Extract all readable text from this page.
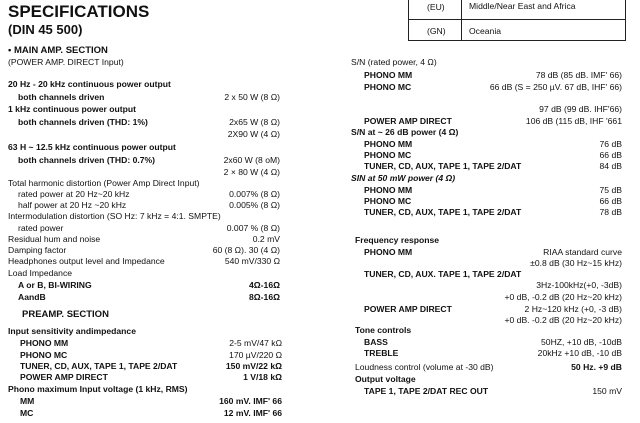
SPECIFICATIONS
(DIN 45 500)
(EU)	Middle/Near East and Africa
(GN)	Oceania
• MAIN AMP. SECTION
(POWER AMP. DIRECT Input)
20 Hz - 20 kHz continuous power output
both channels driven	2 x 50 W (8 Ω)
1 kHz continuous power output
both channels driven (THD: 1%)	2x65 W (8 Ω)
2X90 W (4 Ω)
63 H ~ 12.5 kHz continuous power output
both channels driven (THD: 0.7%)	2x60 W (8 oM)
2 × 80 W (4 Ω)
Total harmonic distortion (Power Amp Direct Input)
rated power at 20 Hz~20 kHz	0.007% (8 Ω)
half power at 20 Hz ~20 kHz	0.005% (8 Ω)
Intermodulation distortion (SO Hz: 7 kHz = 4:1. SMPTE)
rated power	0.007 % (8 Ω)
Residual hum and noise	0.2 mV
Damping factor	60 (8 Ω). 30 (4 Ω)
Headphones output level and Impedance	540 mV/330 Ω
Load Impedance
A or B, BI-WIRING	4Ω-16Ω
AandB	8Ω-16Ω
PREAMP. SECTION
Input sensitivity andimpedance
PHONO MM	2-5 mV/47 kΩ
PHONO MC	170 µV/220 Ω
TUNER, CD, AUX, TAPE 1, TAPE 2/DAT	150 mV/22 kΩ
POWER AMP DIRECT	1 V/18 kΩ
Phono maximum Input voltage (1 kHz, RMS)
MM	160 mV. IMF' 66
MC	12 mV. IMF' 66
S/N (rated power, 4 Ω)
PHONO MM	78 dB (85 dB. IMF' 66)
PHONO MC	66 dB (S = 250 µV. 67 dB, IHF' 66)
97 dB (99 dB. IHF'66)
POWER AMP DIRECT	106 dB (115 dB, IHF '661
S/N at ~ 26 dB power (4 Ω)
PHONO MM	76 dB
PHONO MC	66 dB
TUNER, CD, AUX, TAPE 1, TAPE 2/DAT	84 dB
SIN at 50 mW power (4 Ω)
PHONO MM	75 dB
PHONO MC	66 dB
TUNER, CD, AUX, TAPE 1, TAPE 2/DAT	78 dB
Frequency response
PHONO MM	RIAA standard curve
±0.8 dB (30 Hz~15 kHz)
TUNER, CD, AUX. TAPE 1, TAPE 2/DAT
3Hz-100kHz(+0, -3dB)
+0 dB, -0.2 dB (20 Hz~20 kHz)
POWER AMP DIRECT	2 Hz~120 kHz (+0, -3 dB)
+0 dB. -0.2 dB (20 Hz~20 kHz)
Tone controls
BASS	50HZ, +10 dB, -10dB
TREBLE	20kHz +10 dB, -10 dB
Loudness control (volume at -30 dB)	50 Hz. +9 dB
Output voltage
TAPE 1, TAPE 2/DAT REC OUT	150 mV
